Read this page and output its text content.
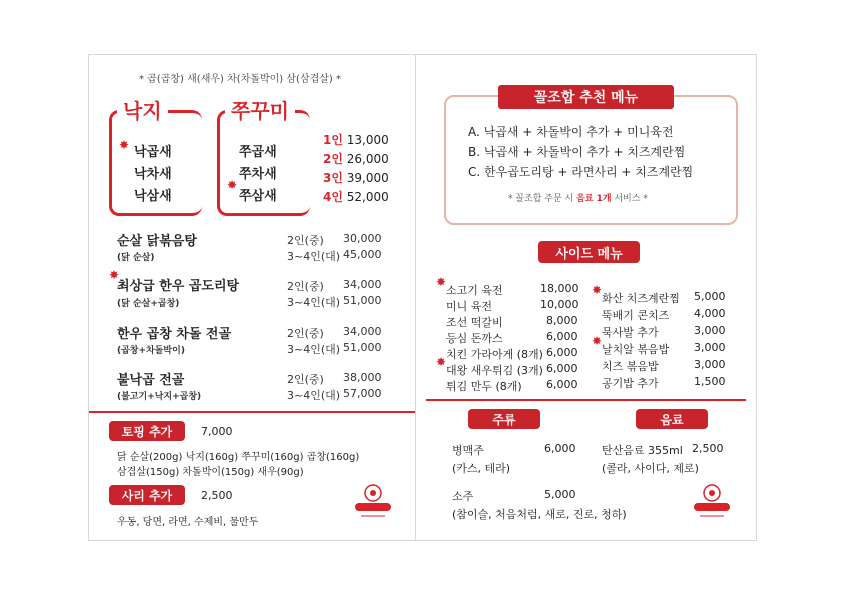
* 곱(곱창) 새(새우) 차(차돌박이) 삼(삼겹살) *
낙지
✸ 낙곱새
낙차새
낙삼새
쭈꾸미
쭈곱새
쭈차새
✸
쭈삼새
1인 13,000
2인 26,000
3인 39,000
4인 52,000
순살 닭볶음탕
(닭 순살)
2인(중) 30,000
3~4인(대) 45,000
✸
최상급 한우 곱도리탕
(닭 순살+곱창)
2인(중) 34,000
3~4인(대) 51,000
한우 곱창 차돌 전골
(곱창+차돌박이)
2인(중) 34,000
3~4인(대) 51,000
불낙곱 전골
(불고기+낙지+곱창)
2인(중) 38,000
3~4인(대) 57,000
토핑 추가	7,000
닭 순살(200g) 낙지(160g) 쭈꾸미(160g) 곱창(160g)
삼겹살(150g) 차돌박이(150g) 새우(90g)
사리 추가	2,500
우동, 당면, 라면, 수제비, 물만두
꼴조합 추천 메뉴
A. 낙곱새 + 차돌박이 추가 + 미니육전
B. 낙곱새 + 차돌박이 추가 + 치즈계란찜
C. 한우곱도리탕 + 라면사리 + 치즈계란찜
* 꼴조합 주문 시 음료 1개 서비스 *
사이드 메뉴
✸
소고기 육전	18,000
미니 육전	10,000
조선 떡갈비	8,000
등심 돈까스	6,000
치킨 가라아게 (8개) 6,000
✸
대왕 새우튀김 (3개) 6,000
튀김 만두 (8개) 6,000
✸
화산 치즈계란찜 5,000
뚝배기 콘치즈 4,000
묵사발 추가	3,000
✸
날치알 볶음밥 3,000
치즈 볶음밥	3,000
공기밥 추가	1,500
주류
병맥주	6,000
(카스, 테라)
소주	5,000
(참이슬, 처음처럼, 새로, 진로, 청하)
음료
탄산음료 355ml 2,500
(콜라, 사이다, 제로)
